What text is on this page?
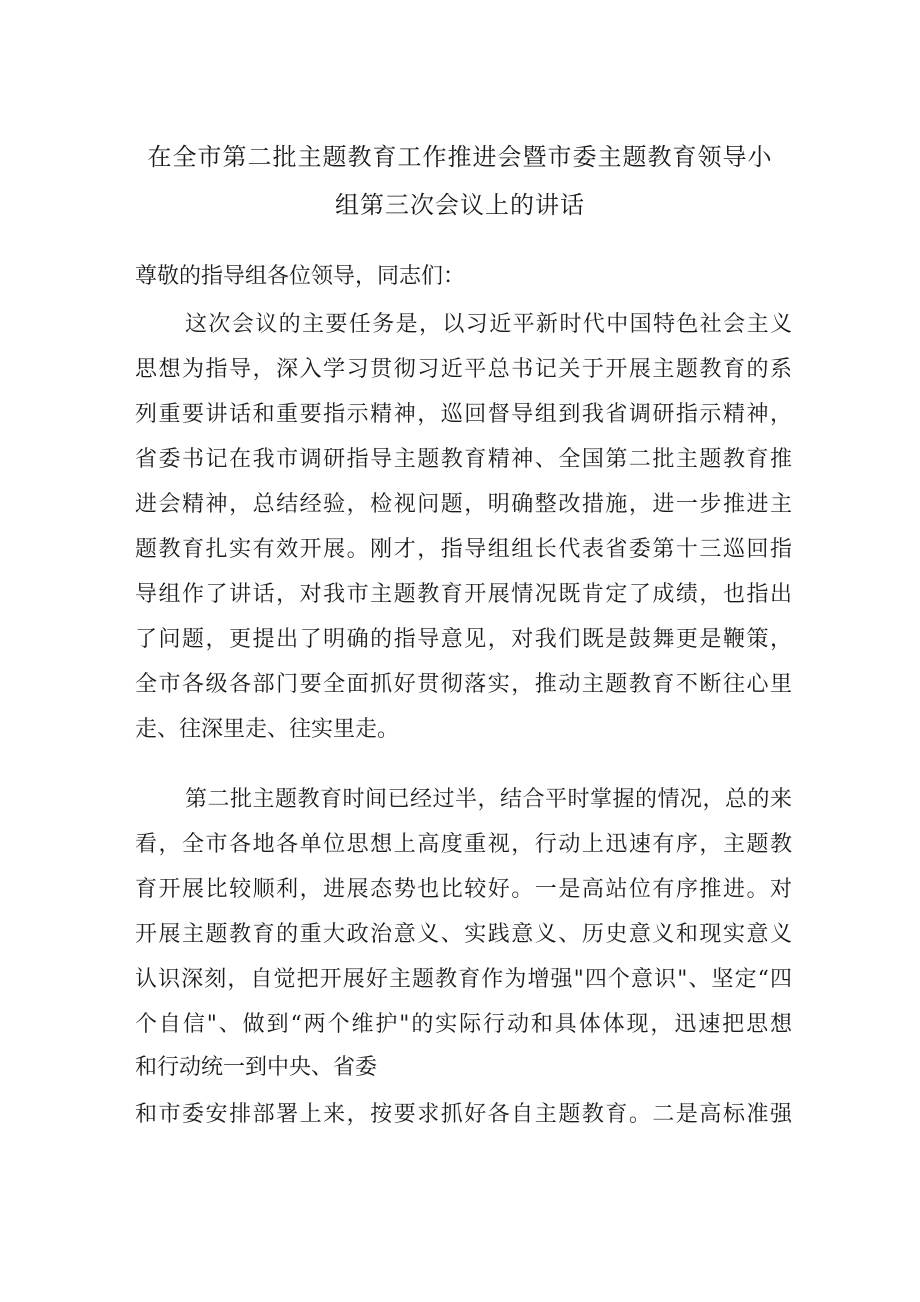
在全市第二批主题教育工作推进会暨市委主题教育领导小
组第三次会议上的讲话

尊敬的指导组各位领导，同志们：

这次会议的主要任务是，以习近平新时代中国特色社会主义

思想为指导，深入学习贯彻习近平总书记关于开展主题教育的系

列重要讲话和重要指示精神，巡回督导组到我省调研指示精神，

省委书记在我市调研指导主题教育精神、全国第二批主题教育推

进会精神，总结经验，检视问题，明确整改措施，进一步推进主

题教育扎实有效开展。刚才，指导组组长代表省委第十三巡回指

导组作了讲话，对我市主题教育开展情况既肯定了成绩，也指出

了问题，更提出了明确的指导意见，对我们既是鼓舞更是鞭策，

全市各级各部门要全面抓好贯彻落实，推动主题教育不断往心里

走、往深里走、往实里走。

第二批主题教育时间已经过半，结合平时掌握的情况，总的来

看，全市各地各单位思想上高度重视，行动上迅速有序，主题教

育开展比较顺利，进展态势也比较好。一是高站位有序推进。对

开展主题教育的重大政治意义、实践意义、历史意义和现实意义

认识深刻，自觉把开展好主题教育作为增强"四个意识"、坚定“四

个自信"、做到“两个维护"的实际行动和具体体现，迅速把思想

和行动统一到中央、省委

和市委安排部署上来，按要求抓好各自主题教育。二是高标准强
